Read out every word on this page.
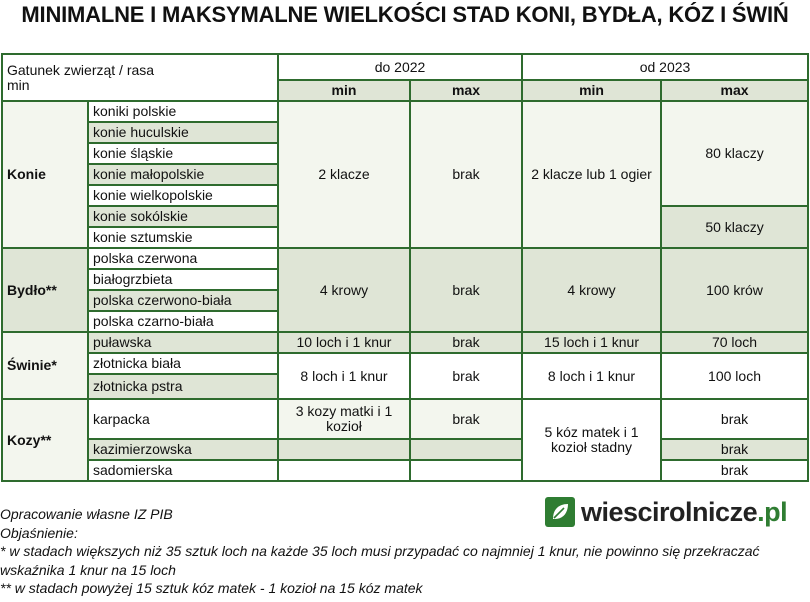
MINIMALNE I MAKSYMALNE WIELKOŚCI STAD KONI, BYDŁA, KÓZ I ŚWIŃ
Gatunek zwierząt / rasa
min		do 2022		od 2023	
		min	max	min	max
Konie	koniki polskie	2 klacze	brak	2 klacze lub 1 ogier	80 klaczy
	konie huculskie				
	konie śląskie				
	konie małopolskie				
	konie wielkopolskie				
	konie sokólskie				50 klaczy
	konie sztumskie				
Bydło**	polska czerwona	4 krowy	brak	4 krowy	100 krów
	białogrzbieta				
	polska czerwono-biała				
	polska czarno-biała				
Świnie*	puławska	10 loch i 1 knur	brak	15 loch i 1 knur	70 loch
	złotnicka biała	8 loch i 1 knur	brak	8 loch i 1 knur	100 loch
	złotnicka pstra				
Kozy**	karpacka	3 kozy matki i 1 kozioł	brak	5 kóz matek i 1 kozioł stadny	brak
	kazimierzowska				brak
	sadomierska				brak
wiescirolnicze.pl
Opracowanie własne IZ PIB
Objaśnienie:
* w stadach większych niż 35 sztuk loch na każde 35 loch musi przypadać co najmniej 1 knur, nie powinno się przekraczać
wskaźnika 1 knur na 15 loch
** w stadach powyżej 15 sztuk kóz matek - 1 kozioł na 15 kóz matek
